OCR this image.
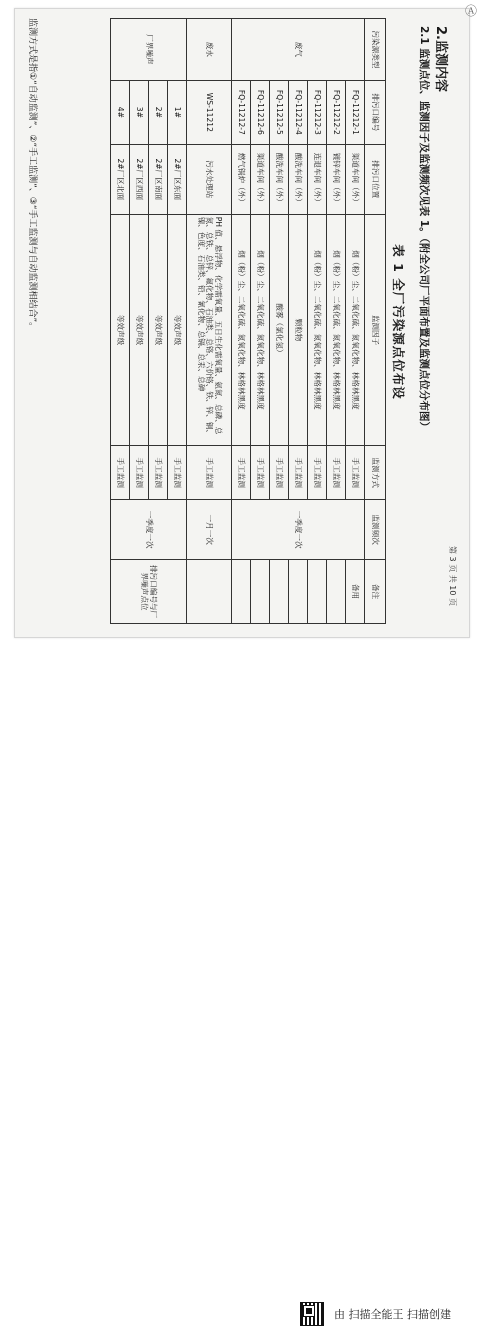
Ⓐ
第 3 页 共 10 页
2.监测内容
2.1 监测点位、监测因子及监测频次见表 1。（附全公司厂平面布置及监测点位分布图）
表 1 全厂污染源点位布设
污染源类型	排污口编号	排污口位置	监测因子	监测方式	监测频次	备注
废气	FQ-11212-1	渠道车间（外）	烟（粉）尘、二氧化硫、氮氧化物、林格林黑度	手工监测	一季度一次	备用
	FQ-11212-2	镀锌车间（外）	烟（粉）尘、二氧化硫、氮氧化物、林格林黑度	手工监测		
	FQ-11212-3	连退车间（外）	烟（粉）尘、二氧化硫、氮氧化物、林格林黑度	手工监测		
	FQ-11212-4	酸洗车间（外）	颗粒物	手工监测		
	FQ-11212-5	酸洗车间（外）	酸雾（氯化氢）	手工监测		
	FQ-11212-6	渠道车间（外）	烟（粉）尘、二氧化硫、氮氧化物、林格林黑度	手工监测		
	FQ-11212-7	燃气锅炉（外）	烟（粉）尘、二氧化硫、氮氧化物、林格林黑度	手工监测		
废水	WS-11212	污水处理站	PH 值、悬浮物、化学需氧量、五日生化需氧量、氨氮、总磷、总氮、总铁、总锌、氟化物、石油类、总铬、六价铬、铁、锌、铜、镍、色度、石油类、铅、氰化物、总镉、总汞、总砷	手工监测	一月一次	
厂界噪声	1#	2#厂区东面	等效声级	手工监测	一季度一次	排污口编号与厂界噪声点位
	2#	2#厂区南面	等效声级	手工监测		
	3#	2#厂区西面	等效声级	手工监测		
	4#	2#厂区北面	等效声级	手工监测		
监测方式是指①“自动监测”、②“手工监测”、③“手工监测与自动监测相结合”。
由 扫描全能王 扫描创建
